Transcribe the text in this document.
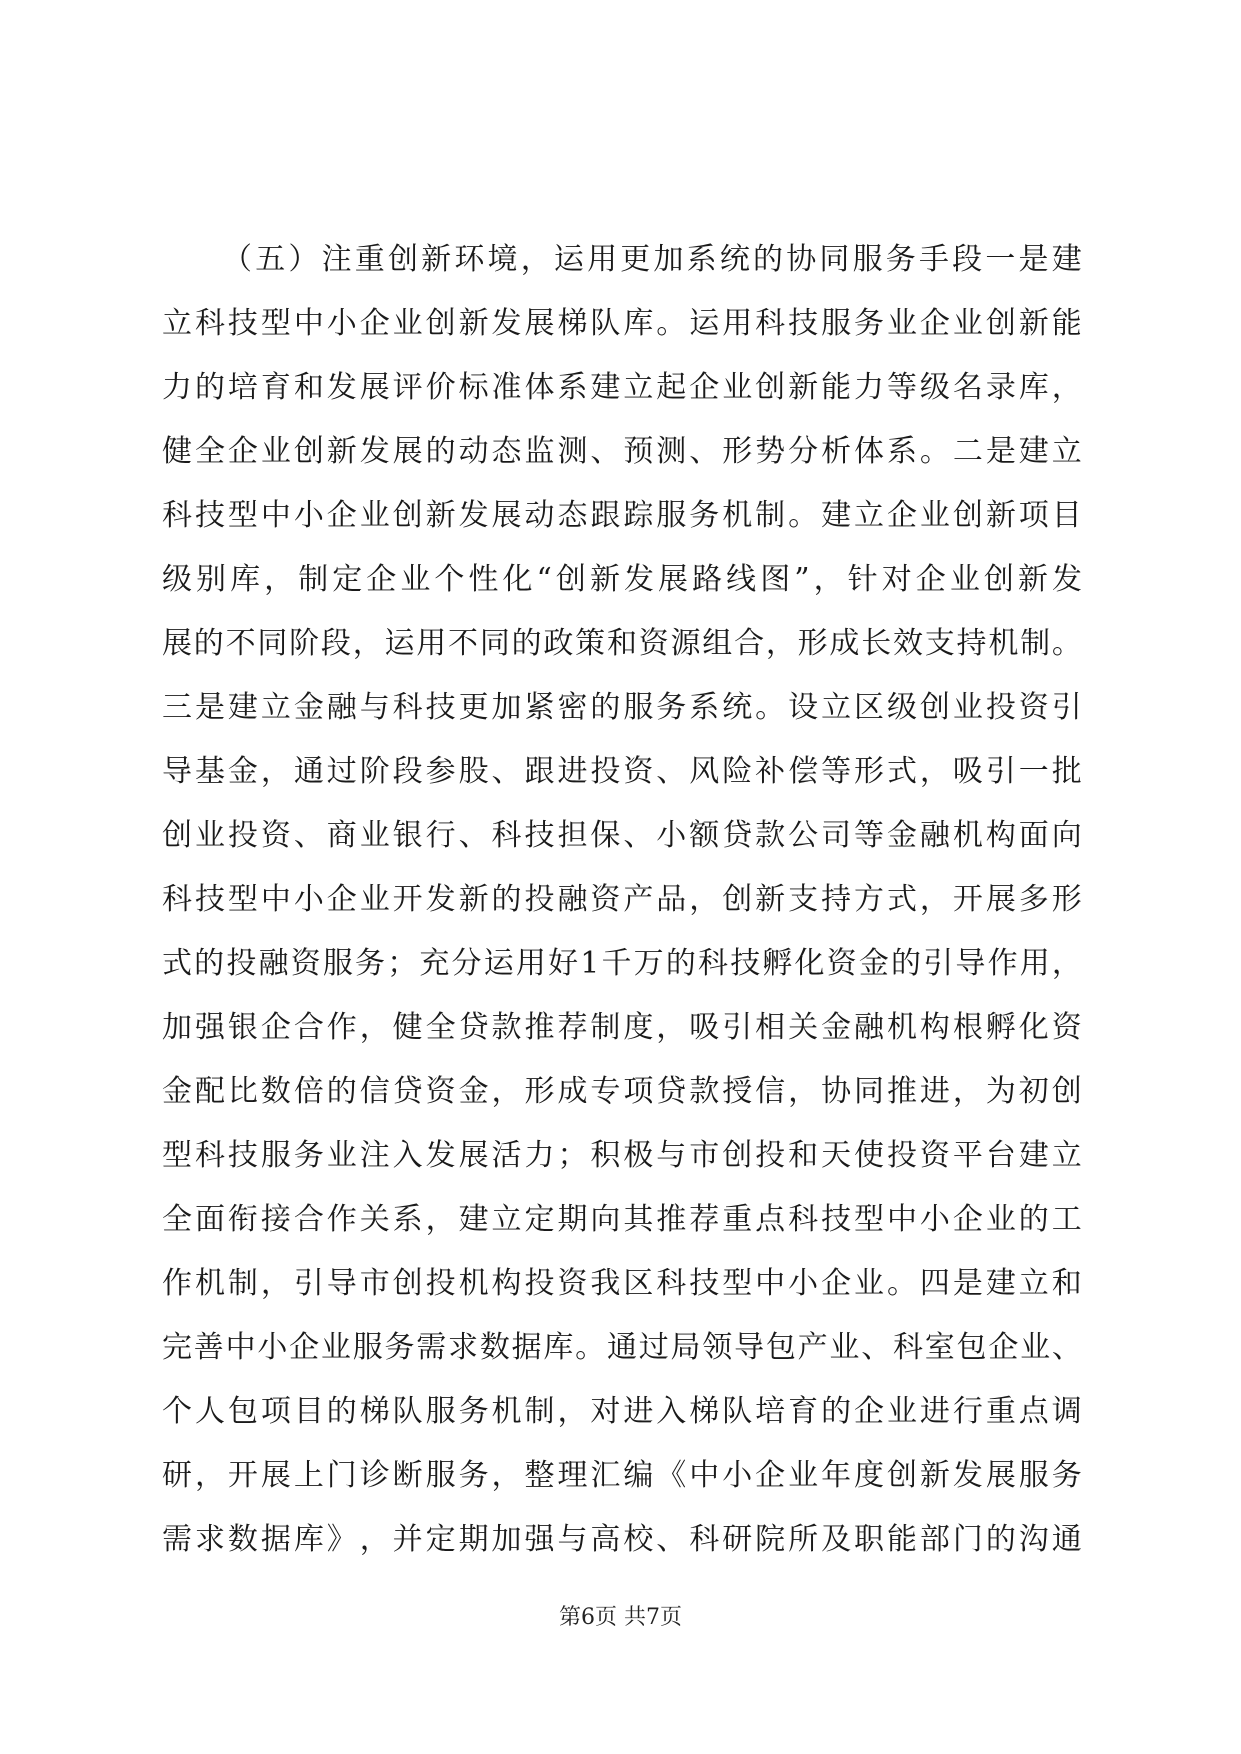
（ 五 ） 注 重 创 新 环 境 ， 运 用 更 加 系 统 的 协 同 服 务 手 段 一 是 建
立 科 技 型 中 小 企 业 创 新 发 展 梯 队 库 。 运 用 科 技 服 务 业 企 业 创 新 能
力 的 培 育 和 发 展 评 价 标 准 体 系 建 立 起 企 业 创 新 能 力 等 级 名 录 库 ，
健 全 企 业 创 新 发 展 的 动 态 监 测 、 预 测 、 形 势 分 析 体 系 。 二 是 建 立
科 技 型 中 小 企 业 创 新 发 展 动 态 跟 踪 服 务 机 制 。 建 立 企 业 创 新 项 目
级 别 库 ， 制 定 企 业 个 性 化 “ 创 新 发 展 路 线 图 ” ， 针 对 企 业 创 新 发
展 的 不 同 阶 段 ， 运 用 不 同 的 政 策 和 资 源 组 合 ， 形 成 长 效 支 持 机 制 。
三 是 建 立 金 融 与 科 技 更 加 紧 密 的 服 务 系 统 。 设 立 区 级 创 业 投 资 引
导 基 金 ， 通 过 阶 段 参 股 、 跟 进 投 资 、 风 险 补 偿 等 形 式 ， 吸 引 一 批
创 业 投 资 、 商 业 银 行 、 科 技 担 保 、 小 额 贷 款 公 司 等 金 融 机 构 面 向
科 技 型 中 小 企 业 开 发 新 的 投 融 资 产 品 ， 创 新 支 持 方 式 ， 开 展 多 形
式 的 投 融 资 服 务 ； 充 分 运 用 好 1 千 万 的 科 技 孵 化 资 金 的 引 导 作 用 ，
加 强 银 企 合 作 ， 健 全 贷 款 推 荐 制 度 ， 吸 引 相 关 金 融 机 构 根 孵 化 资
金 配 比 数 倍 的 信 贷 资 金 ， 形 成 专 项 贷 款 授 信 ， 协 同 推 进 ， 为 初 创
型 科 技 服 务 业 注 入 发 展 活 力 ； 积 极 与 市 创 投 和 天 使 投 资 平 台 建 立
全 面 衔 接 合 作 关 系 ， 建 立 定 期 向 其 推 荐 重 点 科 技 型 中 小 企 业 的 工
作 机 制 ， 引 导 市 创 投 机 构 投 资 我 区 科 技 型 中 小 企 业 。 四 是 建 立 和
完 善 中 小 企 业 服 务 需 求 数 据 库 。 通 过 局 领 导 包 产 业 、 科 室 包 企 业 、
个 人 包 项 目 的 梯 队 服 务 机 制 ， 对 进 入 梯 队 培 育 的 企 业 进 行 重 点 调
研 ， 开 展 上 门 诊 断 服 务 ， 整 理 汇 编 《 中 小 企 业 年 度 创 新 发 展 服 务
需 求 数 据 库 》 ， 并 定 期 加 强 与 高 校 、 科 研 院 所 及 职 能 部 门 的 沟 通
第6页 共7页
